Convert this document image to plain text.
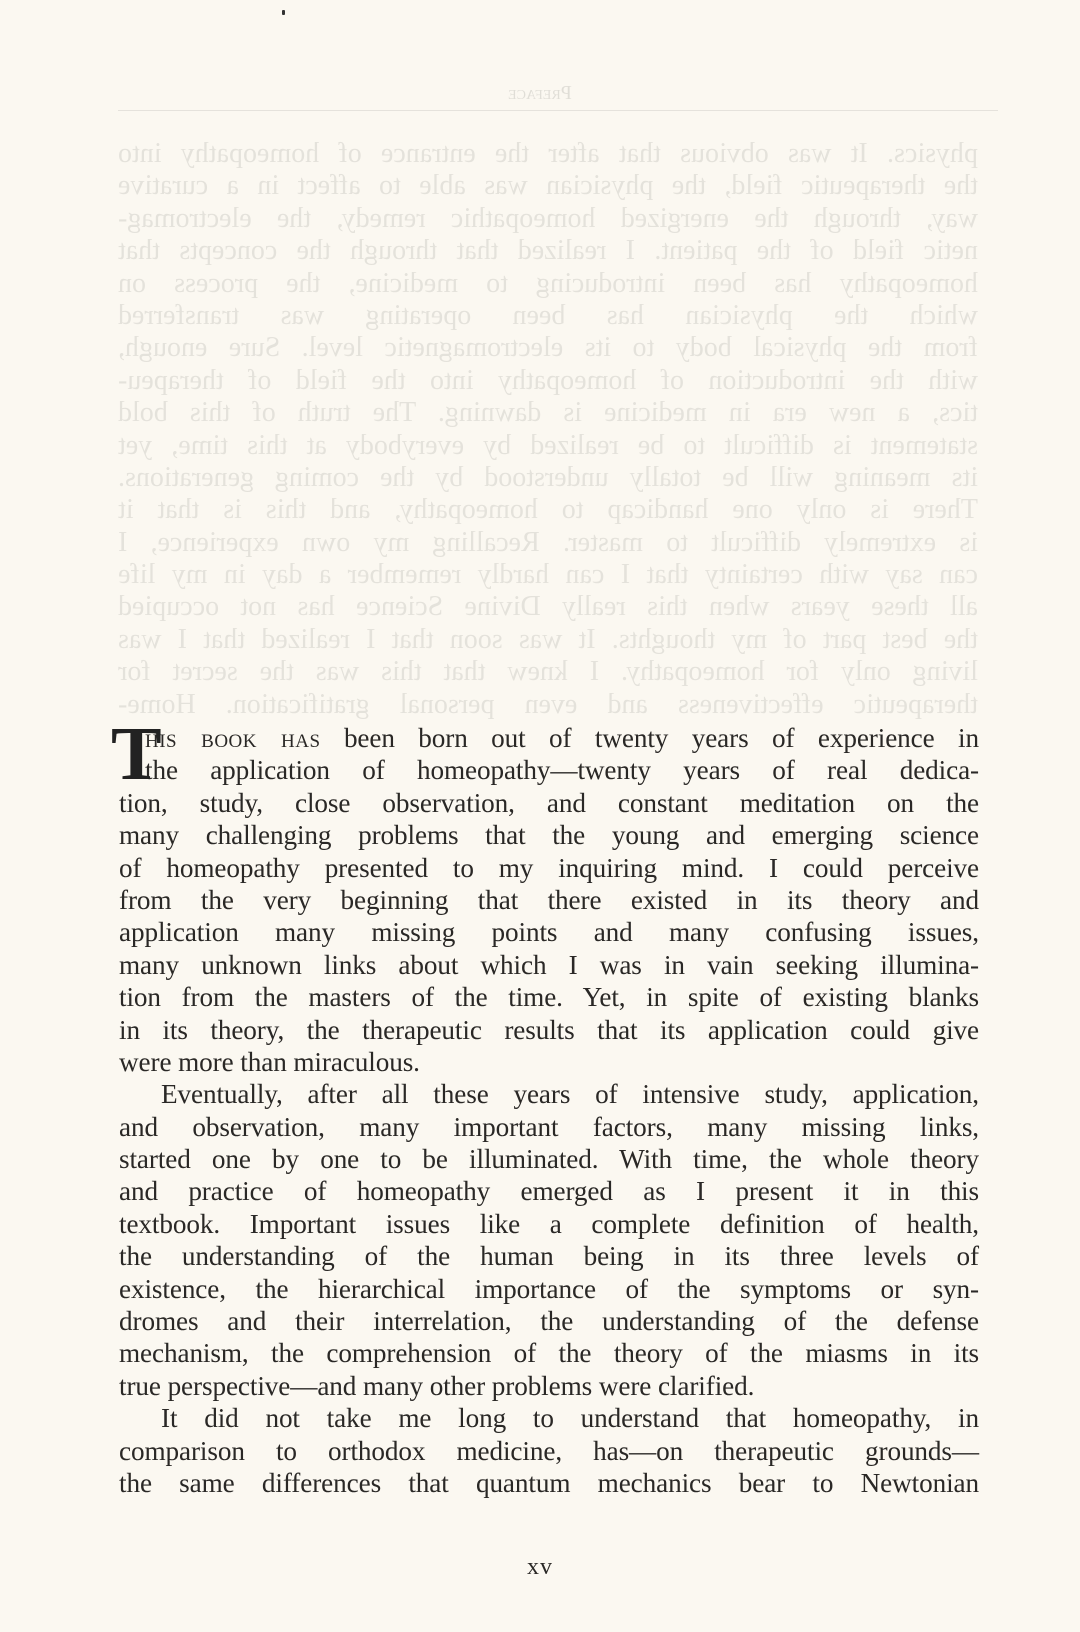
Preface
physics. It was obvious that after the entrance of homeopathy into
the therapeutic field, the physician was able to affect in a curative
way, through the energized homeopathic remedy, the electromag-
netic field of the patient. I realized that through the concepts that
homeopathy has been introducing to medicine, the process on
which the physician has been operating was transferred
from the physical body to its electromagnetic level. Sure enough,
with the introduction of homeopathy into the field of therapeu-
tics, a new era in medicine is dawning. The truth of this bold
statement is difficult to be realized by everybody at this time, yet
its meaning will be totally understood by the coming generations.
There is only one handicap to homeopathy, and this is that it
is extremely difficult to master. Recalling my own experience, I
can say with certainty that I can hardly remember a day in my life
all these years when this really Divine Science has not occupied
the best part of my thoughts. It was soon that I realized that I was
living only for homeopathy. I knew that this was the secret for
therapeutic effectiveness and even personal gratification. Home-
T
his book has been born out of twenty years of experience in
the application of homeopathy—twenty years of real dedica-
tion, study, close observation, and constant meditation on the
many challenging problems that the young and emerging science
of homeopathy presented to my inquiring mind. I could perceive
from the very beginning that there existed in its theory and
application many missing points and many confusing issues,
many unknown links about which I was in vain seeking illumina-
tion from the masters of the time. Yet, in spite of existing blanks
in its theory, the therapeutic results that its application could give
were more than miraculous.
Eventually, after all these years of intensive study, application,
and observation, many important factors, many missing links,
started one by one to be illuminated. With time, the whole theory
and practice of homeopathy emerged as I present it in this
textbook. Important issues like a complete definition of health,
the understanding of the human being in its three levels of
existence, the hierarchical importance of the symptoms or syn-
dromes and their interrelation, the understanding of the defense
mechanism, the comprehension of the theory of the miasms in its
true perspective—and many other problems were clarified.
It did not take me long to understand that homeopathy, in
comparison to orthodox medicine, has—on therapeutic grounds—
the same differences that quantum mechanics bear to Newtonian
xv
